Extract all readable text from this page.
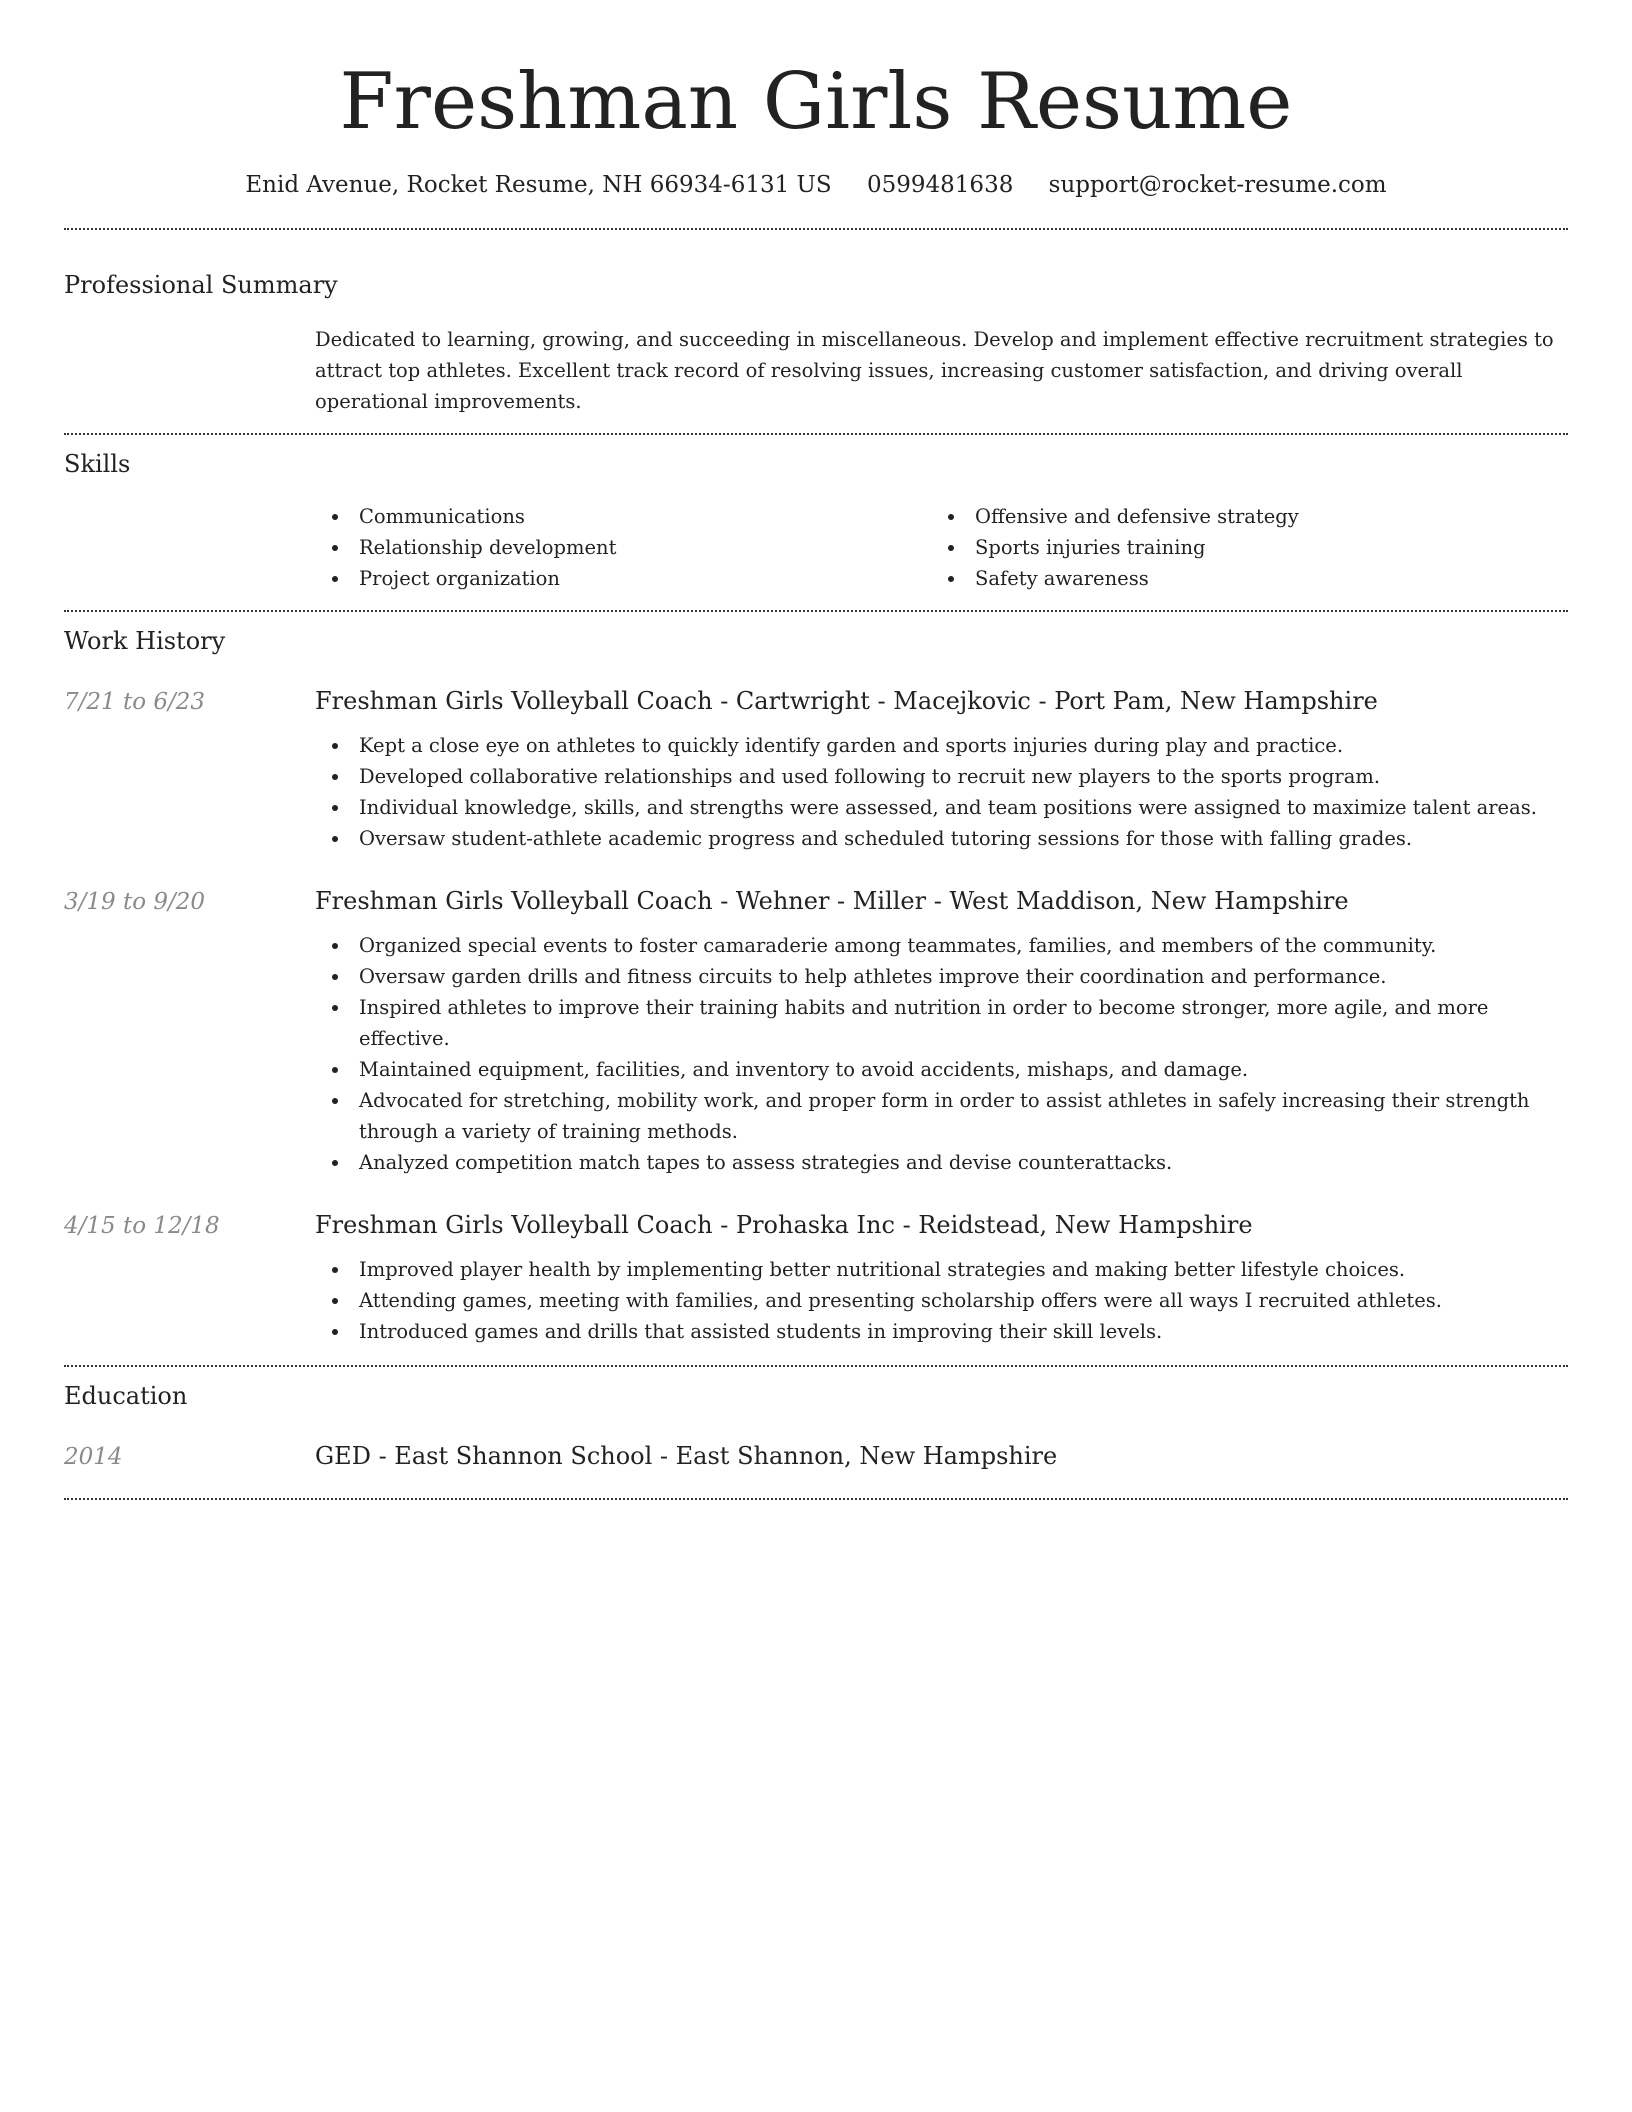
Freshman Girls Resume
Enid Avenue, Rocket Resume, NH 66934-6131 US 0599481638 support@rocket-resume.com
Professional Summary

Dedicated to learning, growing, and succeeding in miscellaneous. Develop and implement effective recruitment strategies to attract top athletes. Excellent track record of resolving issues, increasing customer satisfaction, and driving overall operational improvements.

Skills
Communications
Relationship development
Project organization
Offensive and defensive strategy
Sports injuries training
Safety awareness
Work History
7/21 to 6/23	Freshman Girls Volleyball Coach - Cartwright - Macejkovic - Port Pam, New Hampshire
Kept a close eye on athletes to quickly identify garden and sports injuries during play and practice.
Developed collaborative relationships and used following to recruit new players to the sports program.
Individual knowledge, skills, and strengths were assessed, and team positions were assigned to maximize talent areas.
Oversaw student-athlete academic progress and scheduled tutoring sessions for those with falling grades.
3/19 to 9/20	Freshman Girls Volleyball Coach - Wehner - Miller - West Maddison, New Hampshire
Organized special events to foster camaraderie among teammates, families, and members of the community.
Oversaw garden drills and fitness circuits to help athletes improve their coordination and performance.
Inspired athletes to improve their training habits and nutrition in order to become stronger, more agile, and more effective.
Maintained equipment, facilities, and inventory to avoid accidents, mishaps, and damage.
Advocated for stretching, mobility work, and proper form in order to assist athletes in safely increasing their strength through a variety of training methods.
Analyzed competition match tapes to assess strategies and devise counterattacks.
4/15 to 12/18	Freshman Girls Volleyball Coach - Prohaska Inc - Reidstead, New Hampshire
Improved player health by implementing better nutritional strategies and making better lifestyle choices.
Attending games, meeting with families, and presenting scholarship offers were all ways I recruited athletes.
Introduced games and drills that assisted students in improving their skill levels.
Education
2014	GED - East Shannon School - East Shannon, New Hampshire
